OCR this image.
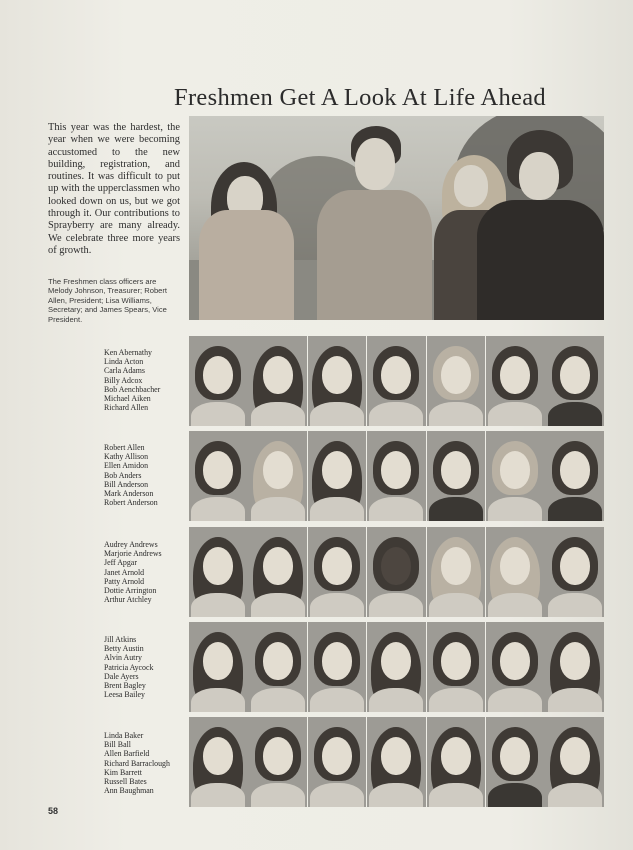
Freshmen Get A Look At Life Ahead

This year was the hardest, the year when we were becoming accustomed to the new building, registration, and routines. It was difficult to put up with the upperclassmen who looked down on us, but we got through it. Our contributions to Sprayberry are many already. We celebrate three more years of growth.

The Freshmen class officers are Melody Johnson, Treasurer; Robert Allen, President; Lisa Williams, Secretary; and James Spears, Vice President.
Ken Abernathy
Linda Acton
Carla Adams
Billy Adcox
Bob Aenchbacher
Michael Aiken
Richard Allen
Robert Allen
Kathy Allison
Ellen Amidon
Bob Anders
Bill Anderson
Mark Anderson
Robert Anderson
Audrey Andrews
Marjorie Andrews
Jeff Apgar
Janet Arnold
Patty Arnold
Dottie Arrington
Arthur Atchley
Jill Atkins
Betty Austin
Alvin Autry
Patricia Aycock
Dale Ayers
Brent Bagley
Leesa Bailey
Linda Baker
Bill Ball
Allen Barfield
Richard Barraclough
Kim Barrett
Russell Bates
Ann Baughman
58
